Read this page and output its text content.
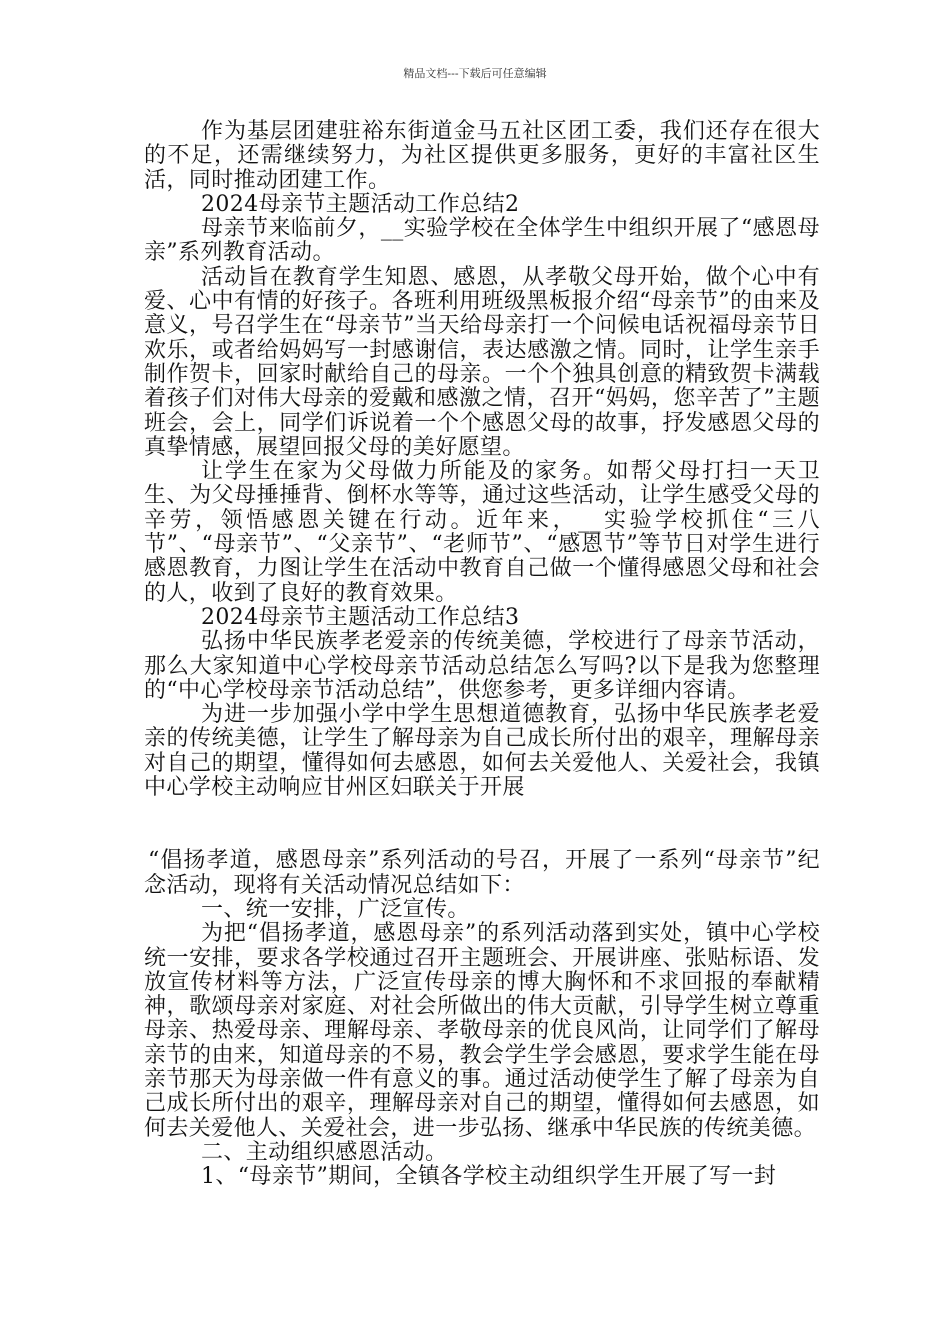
精品文档---下载后可任意编辑

作为基层团建驻裕东街道金马五社区团工委，我们还存在很大的不足，还需继续努力，为社区提供更多服务，更好的丰富社区生活，同时推动团建工作。

2024母亲节主题活动工作总结2

母亲节来临前夕，__实验学校在全体学生中组织开展了“感恩母亲”系列教育活动。

活动旨在教育学生知恩、感恩，从孝敬父母开始，做个心中有爱、心中有情的好孩子。各班利用班级黑板报介绍“母亲节”的由来及意义，号召学生在“母亲节”当天给母亲打一个问候电话祝福母亲节日欢乐，或者给妈妈写一封感谢信，表达感激之情。同时，让学生亲手制作贺卡，回家时献给自己的母亲。一个个独具创意的精致贺卡满载着孩子们对伟大母亲的爱戴和感激之情，召开“妈妈，您辛苦了”主题班会，会上，同学们诉说着一个个感恩父母的故事，抒发感恩父母的真挚情感，展望回报父母的美好愿望。

让学生在家为父母做力所能及的家务。如帮父母打扫一天卫生、为父母捶捶背、倒杯水等等，通过这些活动，让学生感受父母的辛劳，领悟感恩关键在行动。近年来，__实验学校抓住“三八节”、“母亲节”、“父亲节”、“老师节”、“感恩节”等节日对学生进行感恩教育，力图让学生在活动中教育自己做一个懂得感恩父母和社会的人，收到了良好的教育效果。

2024母亲节主题活动工作总结3

弘扬中华民族孝老爱亲的传统美德，学校进行了母亲节活动，那么大家知道中心学校母亲节活动总结怎么写吗?以下是我为您整理的“中心学校母亲节活动总结”，供您参考，更多详细内容请。

为进一步加强小学中学生思想道德教育，弘扬中华民族孝老爱亲的传统美德，让学生了解母亲为自己成长所付出的艰辛，理解母亲对自己的期望，懂得如何去感恩，如何去关爱他人、关爱社会，我镇中心学校主动响应甘州区妇联关于开展

“倡扬孝道，感恩母亲”系列活动的号召，开展了一系列“母亲节”纪念活动，现将有关活动情况总结如下：

一、统一安排，广泛宣传。

为把“倡扬孝道，感恩母亲”的系列活动落到实处，镇中心学校统一安排，要求各学校通过召开主题班会、开展讲座、张贴标语、发放宣传材料等方法，广泛宣传母亲的博大胸怀和不求回报的奉献精神，歌颂母亲对家庭、对社会所做出的伟大贡献，引导学生树立尊重母亲、热爱母亲、理解母亲、孝敬母亲的优良风尚，让同学们了解母亲节的由来，知道母亲的不易，教会学生学会感恩，要求学生能在母亲节那天为母亲做一件有意义的事。通过活动使学生了解了母亲为自己成长所付出的艰辛，理解母亲对自己的期望，懂得如何去感恩，如何去关爱他人、关爱社会，进一步弘扬、继承中华民族的传统美德。

二、主动组织感恩活动。

1、“母亲节”期间，全镇各学校主动组织学生开展了写一封
